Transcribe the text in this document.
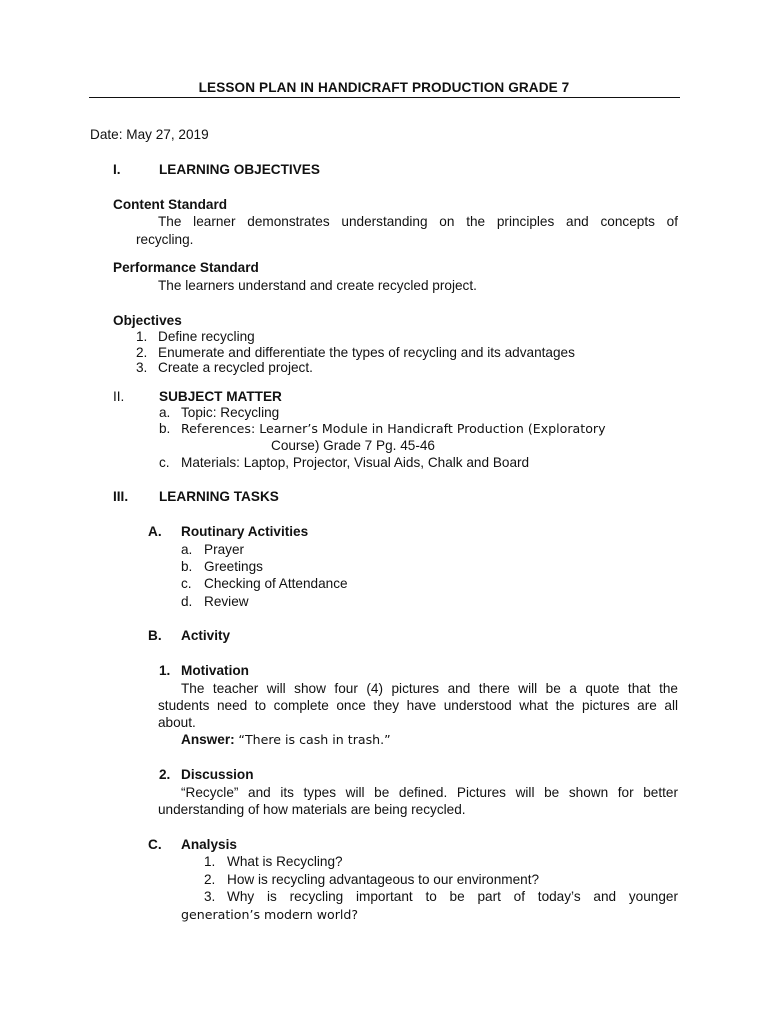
LESSON PLAN IN HANDICRAFT PRODUCTION GRADE 7
Date: May 27, 2019
I.	LEARNING OBJECTIVES
Content Standard
The learner demonstrates understanding on the principles and concepts of
recycling.
Performance Standard
The learners understand and create recycled project.
Objectives
1. Define recycling
2. Enumerate and differentiate the types of recycling and its advantages
3. Create a recycled project.
II.	SUBJECT MATTER
a. Topic: Recycling
b. References: Learner’s Module in Handicraft Production (Exploratory
Course) Grade 7 Pg. 45-46
c. Materials: Laptop, Projector, Visual Aids, Chalk and Board
III. LEARNING TASKS
A. Routinary Activities
a. Prayer
b. Greetings
c. Checking of Attendance
d. Review
B. Activity
1. Motivation
The teacher will show four (4) pictures and there will be a quote that the
students need to complete once they have understood what the pictures are all
about.
Answer: “There is cash in trash.”
2. Discussion
“Recycle” and its types will be defined. Pictures will be shown for better
understanding of how materials are being recycled.
C. Analysis
1. What is Recycling?
2. How is recycling advantageous to our environment?
3. Why is recycling important to be part of today’s and younger
generation’s modern world?
